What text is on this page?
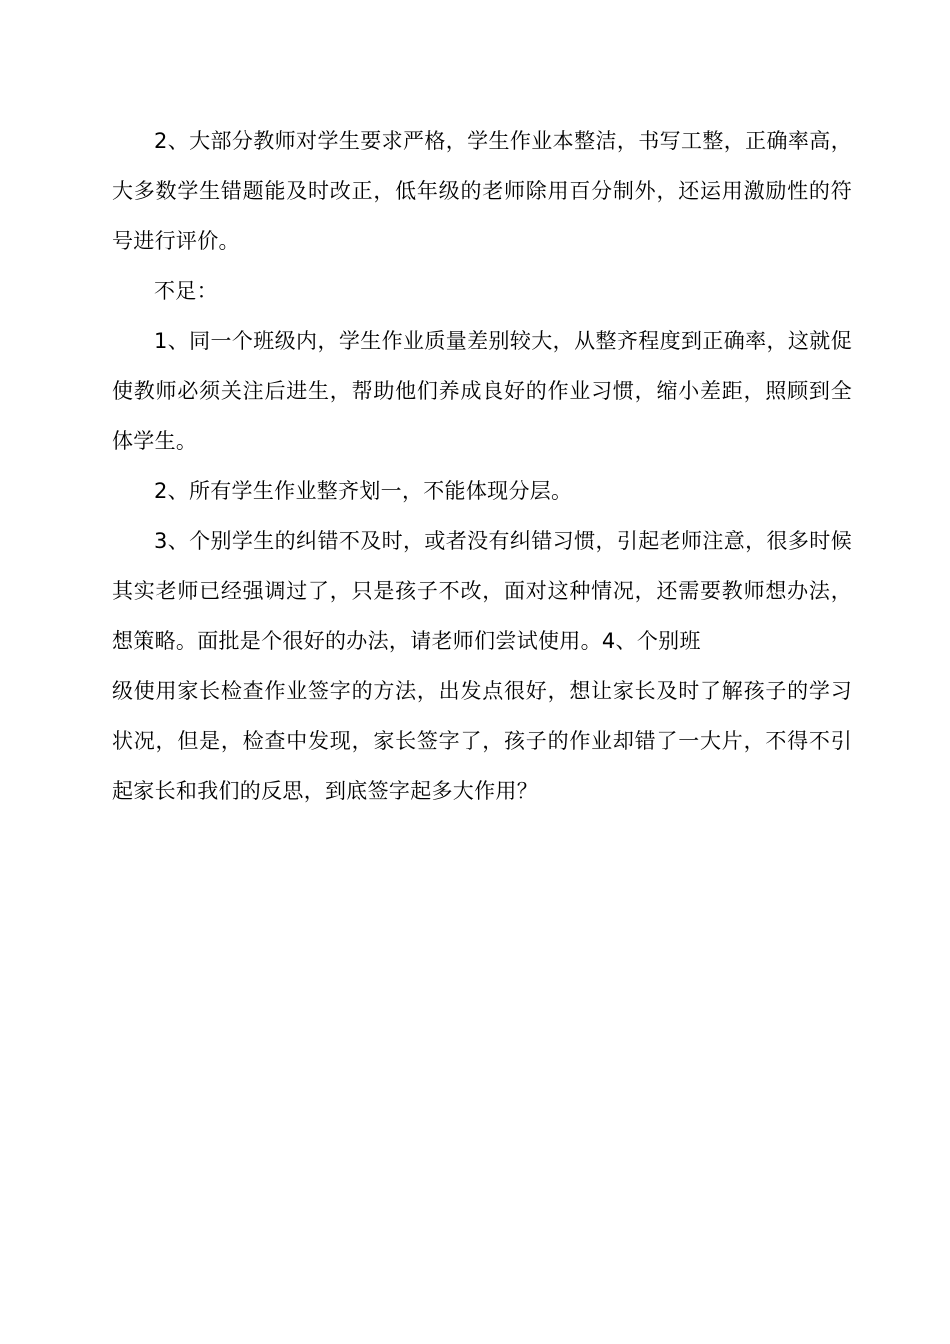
2、大部分教师对学生要求严格，学生作业本整洁，书写工整，正确率高，大多数学生错题能及时改正，低年级的老师除用百分制外，还运用激励性的符号进行评价。

不足：

1、同一个班级内，学生作业质量差别较大，从整齐程度到正确率，这就促使教师必须关注后进生，帮助他们养成良好的作业习惯，缩小差距，照顾到全体学生。

2、所有学生作业整齐划一，不能体现分层。

3、个别学生的纠错不及时，或者没有纠错习惯，引起老师注意，很多时候其实老师已经强调过了，只是孩子不改，面对这种情况，还需要教师想办法，想策略。面批是个很好的办法，请老师们尝试使用。4、个别班

级使用家长检查作业签字的方法，出发点很好，想让家长及时了解孩子的学习状况，但是，检查中发现，家长签字了，孩子的作业却错了一大片，不得不引起家长和我们的反思，到底签字起多大作用？
